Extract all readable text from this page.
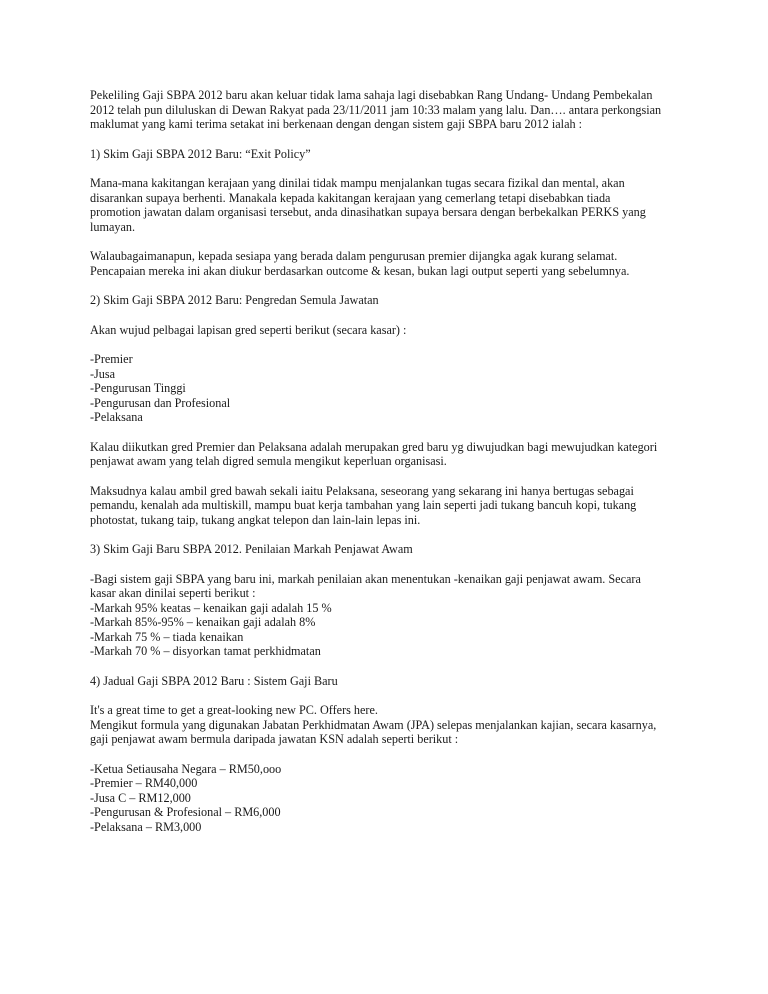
Pekeliling Gaji SBPA 2012 baru akan keluar tidak lama sahaja lagi disebabkan Rang Undang- Undang Pembekalan

2012 telah pun diluluskan di Dewan Rakyat pada 23/11/2011 jam 10:33 malam yang lalu. Dan…. antara perkongsian

maklumat yang kami terima setakat ini berkenaan dengan dengan sistem gaji SBPA baru 2012 ialah :

1) Skim Gaji SBPA 2012 Baru: “Exit Policy”

Mana-mana kakitangan kerajaan yang dinilai tidak mampu menjalankan tugas secara fizikal dan mental, akan

disarankan supaya berhenti. Manakala kepada kakitangan kerajaan yang cemerlang tetapi disebabkan tiada

promotion jawatan dalam organisasi tersebut, anda dinasihatkan supaya bersara dengan berbekalkan PERKS yang

lumayan.

Walaubagaimanapun, kepada sesiapa yang berada dalam pengurusan premier dijangka agak kurang selamat.

Pencapaian mereka ini akan diukur berdasarkan outcome & kesan, bukan lagi output seperti yang sebelumnya.

2) Skim Gaji SBPA 2012 Baru: Pengredan Semula Jawatan

Akan wujud pelbagai lapisan gred seperti berikut (secara kasar) :

-Premier

-Jusa

-Pengurusan Tinggi

-Pengurusan dan Profesional

-Pelaksana

Kalau diikutkan gred Premier dan Pelaksana adalah merupakan gred baru yg diwujudkan bagi mewujudkan kategori

penjawat awam yang telah digred semula mengikut keperluan organisasi.

Maksudnya kalau ambil gred bawah sekali iaitu Pelaksana, seseorang yang sekarang ini hanya bertugas sebagai

pemandu, kenalah ada multiskill, mampu buat kerja tambahan yang lain seperti jadi tukang bancuh kopi, tukang

photostat, tukang taip, tukang angkat telepon dan lain-lain lepas ini.

3) Skim Gaji Baru SBPA 2012. Penilaian Markah Penjawat Awam

-Bagi sistem gaji SBPA yang baru ini, markah penilaian akan menentukan -kenaikan gaji penjawat awam. Secara

kasar akan dinilai seperti berikut :

-Markah 95% keatas – kenaikan gaji adalah 15 %

-Markah 85%-95% – kenaikan gaji adalah 8%

-Markah 75 % – tiada kenaikan

-Markah 70 % – disyorkan tamat perkhidmatan

4) Jadual Gaji SBPA 2012 Baru : Sistem Gaji Baru

It's a great time to get a great-looking new PC. Offers here.

Mengikut formula yang digunakan Jabatan Perkhidmatan Awam (JPA) selepas menjalankan kajian, secara kasarnya,

gaji penjawat awam bermula daripada jawatan KSN adalah seperti berikut :

-Ketua Setiausaha Negara – RM50,ooo

-Premier – RM40,000

-Jusa C – RM12,000

-Pengurusan & Profesional – RM6,000

-Pelaksana – RM3,000
